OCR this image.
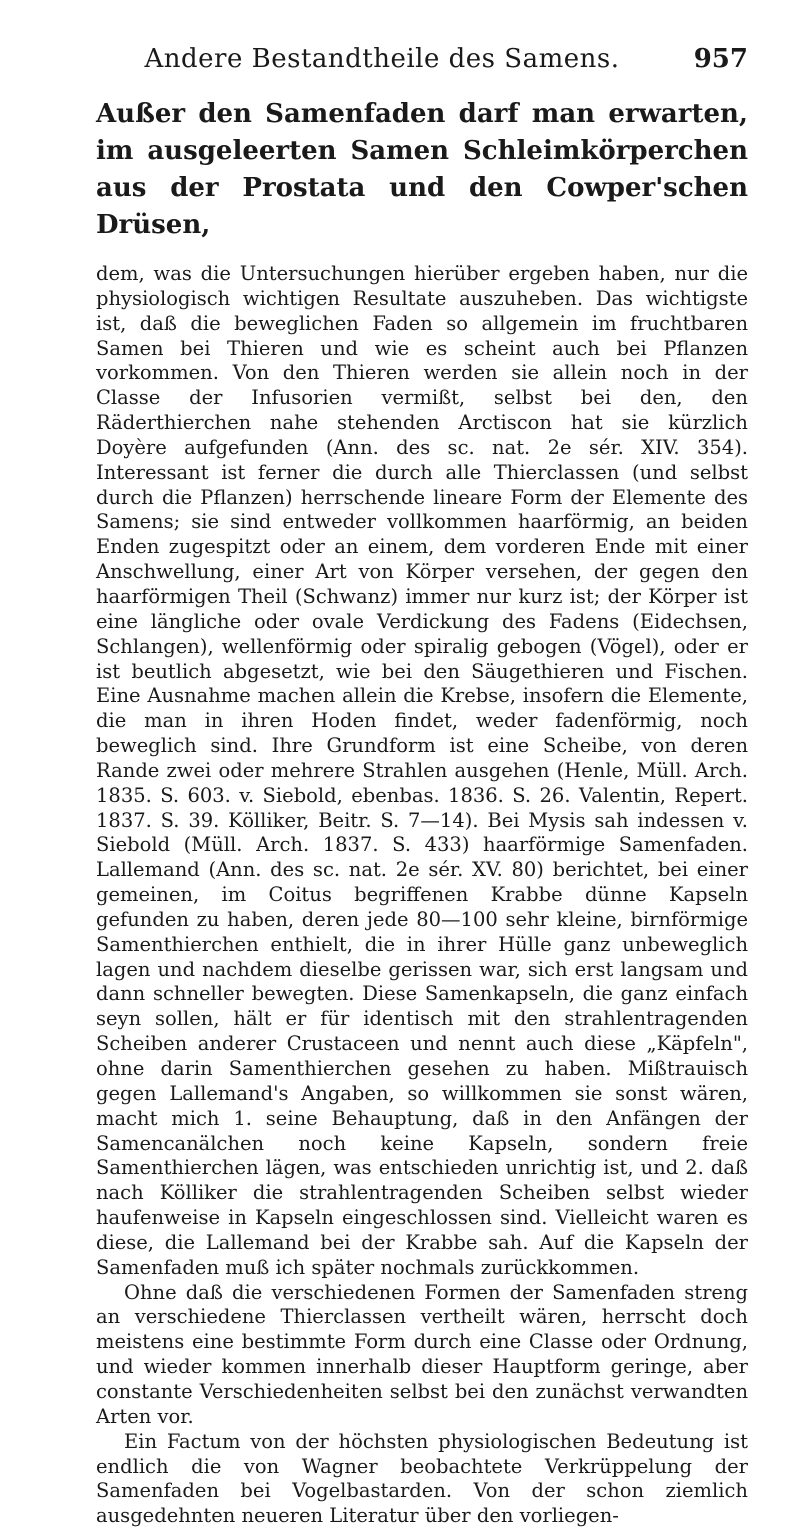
Andere Bestandtheile des Samens.	957
Außer den Samenfaden darf man erwarten, im ausgeleerten Samen Schleimkörperchen aus der Prostata und den Cowper'schen Drüsen,

dem, was die Untersuchungen hierüber ergeben haben, nur die physiologisch wichtigen Resultate auszuheben. Das wichtigste ist, daß die beweglichen Faden so allgemein im fruchtbaren Samen bei Thieren und wie es scheint auch bei Pflanzen vorkommen. Von den Thieren werden sie allein noch in der Classe der Infusorien vermißt, selbst bei den, den Räderthierchen nahe stehenden Arctiscon hat sie kürzlich Doyère aufgefunden (Ann. des sc. nat. 2e sér. XIV. 354). Interessant ist ferner die durch alle Thierclassen (und selbst durch die Pflanzen) herrschende lineare Form der Elemente des Samens; sie sind entweder vollkommen haarförmig, an beiden Enden zugespitzt oder an einem, dem vorderen Ende mit einer Anschwellung, einer Art von Körper versehen, der gegen den haarförmigen Theil (Schwanz) immer nur kurz ist; der Körper ist eine längliche oder ovale Verdickung des Fadens (Eidechsen, Schlangen), wellenförmig oder spiralig gebogen (Vögel), oder er ist beutlich abgesetzt, wie bei den Säugethieren und Fischen. Eine Ausnahme machen allein die Krebse, insofern die Elemente, die man in ihren Hoden findet, weder fadenförmig, noch beweglich sind. Ihre Grundform ist eine Scheibe, von deren Rande zwei oder mehrere Strahlen ausgehen (Henle, Müll. Arch. 1835. S. 603. v. Siebold, ebenbas. 1836. S. 26. Valentin, Repert. 1837. S. 39. Kölliker, Beitr. S. 7—14). Bei Mysis sah indessen v. Siebold (Müll. Arch. 1837. S. 433) haarförmige Samenfaden. Lallemand (Ann. des sc. nat. 2e sér. XV. 80) berichtet, bei einer gemeinen, im Coitus begriffenen Krabbe dünne Kapseln gefunden zu haben, deren jede 80—100 sehr kleine, birnförmige Samenthierchen enthielt, die in ihrer Hülle ganz unbeweglich lagen und nachdem dieselbe gerissen war, sich erst langsam und dann schneller bewegten. Diese Samenkapseln, die ganz einfach seyn sollen, hält er für identisch mit den strahlentragenden Scheiben anderer Crustaceen und nennt auch diese „Käpfeln", ohne darin Samenthierchen gesehen zu haben. Mißtrauisch gegen Lallemand's Angaben, so willkommen sie sonst wären, macht mich 1. seine Behauptung, daß in den Anfängen der Samencanälchen noch keine Kapseln, sondern freie Samenthierchen lägen, was entschieden unrichtig ist, und 2. daß nach Kölliker die strahlentragenden Scheiben selbst wieder haufenweise in Kapseln eingeschlossen sind. Vielleicht waren es diese, die Lallemand bei der Krabbe sah. Auf die Kapseln der Samenfaden muß ich später nochmals zurückkommen.

Ohne daß die verschiedenen Formen der Samenfaden streng an verschiedene Thierclassen vertheilt wären, herrscht doch meistens eine bestimmte Form durch eine Classe oder Ordnung, und wieder kommen innerhalb dieser Hauptform geringe, aber constante Verschiedenheiten selbst bei den zunächst verwandten Arten vor.

Ein Factum von der höchsten physiologischen Bedeutung ist endlich die von Wagner beobachtete Verkrüppelung der Samenfaden bei Vogelbastarden. Von der schon ziemlich ausgedehnten neueren Literatur über den vorliegen-
